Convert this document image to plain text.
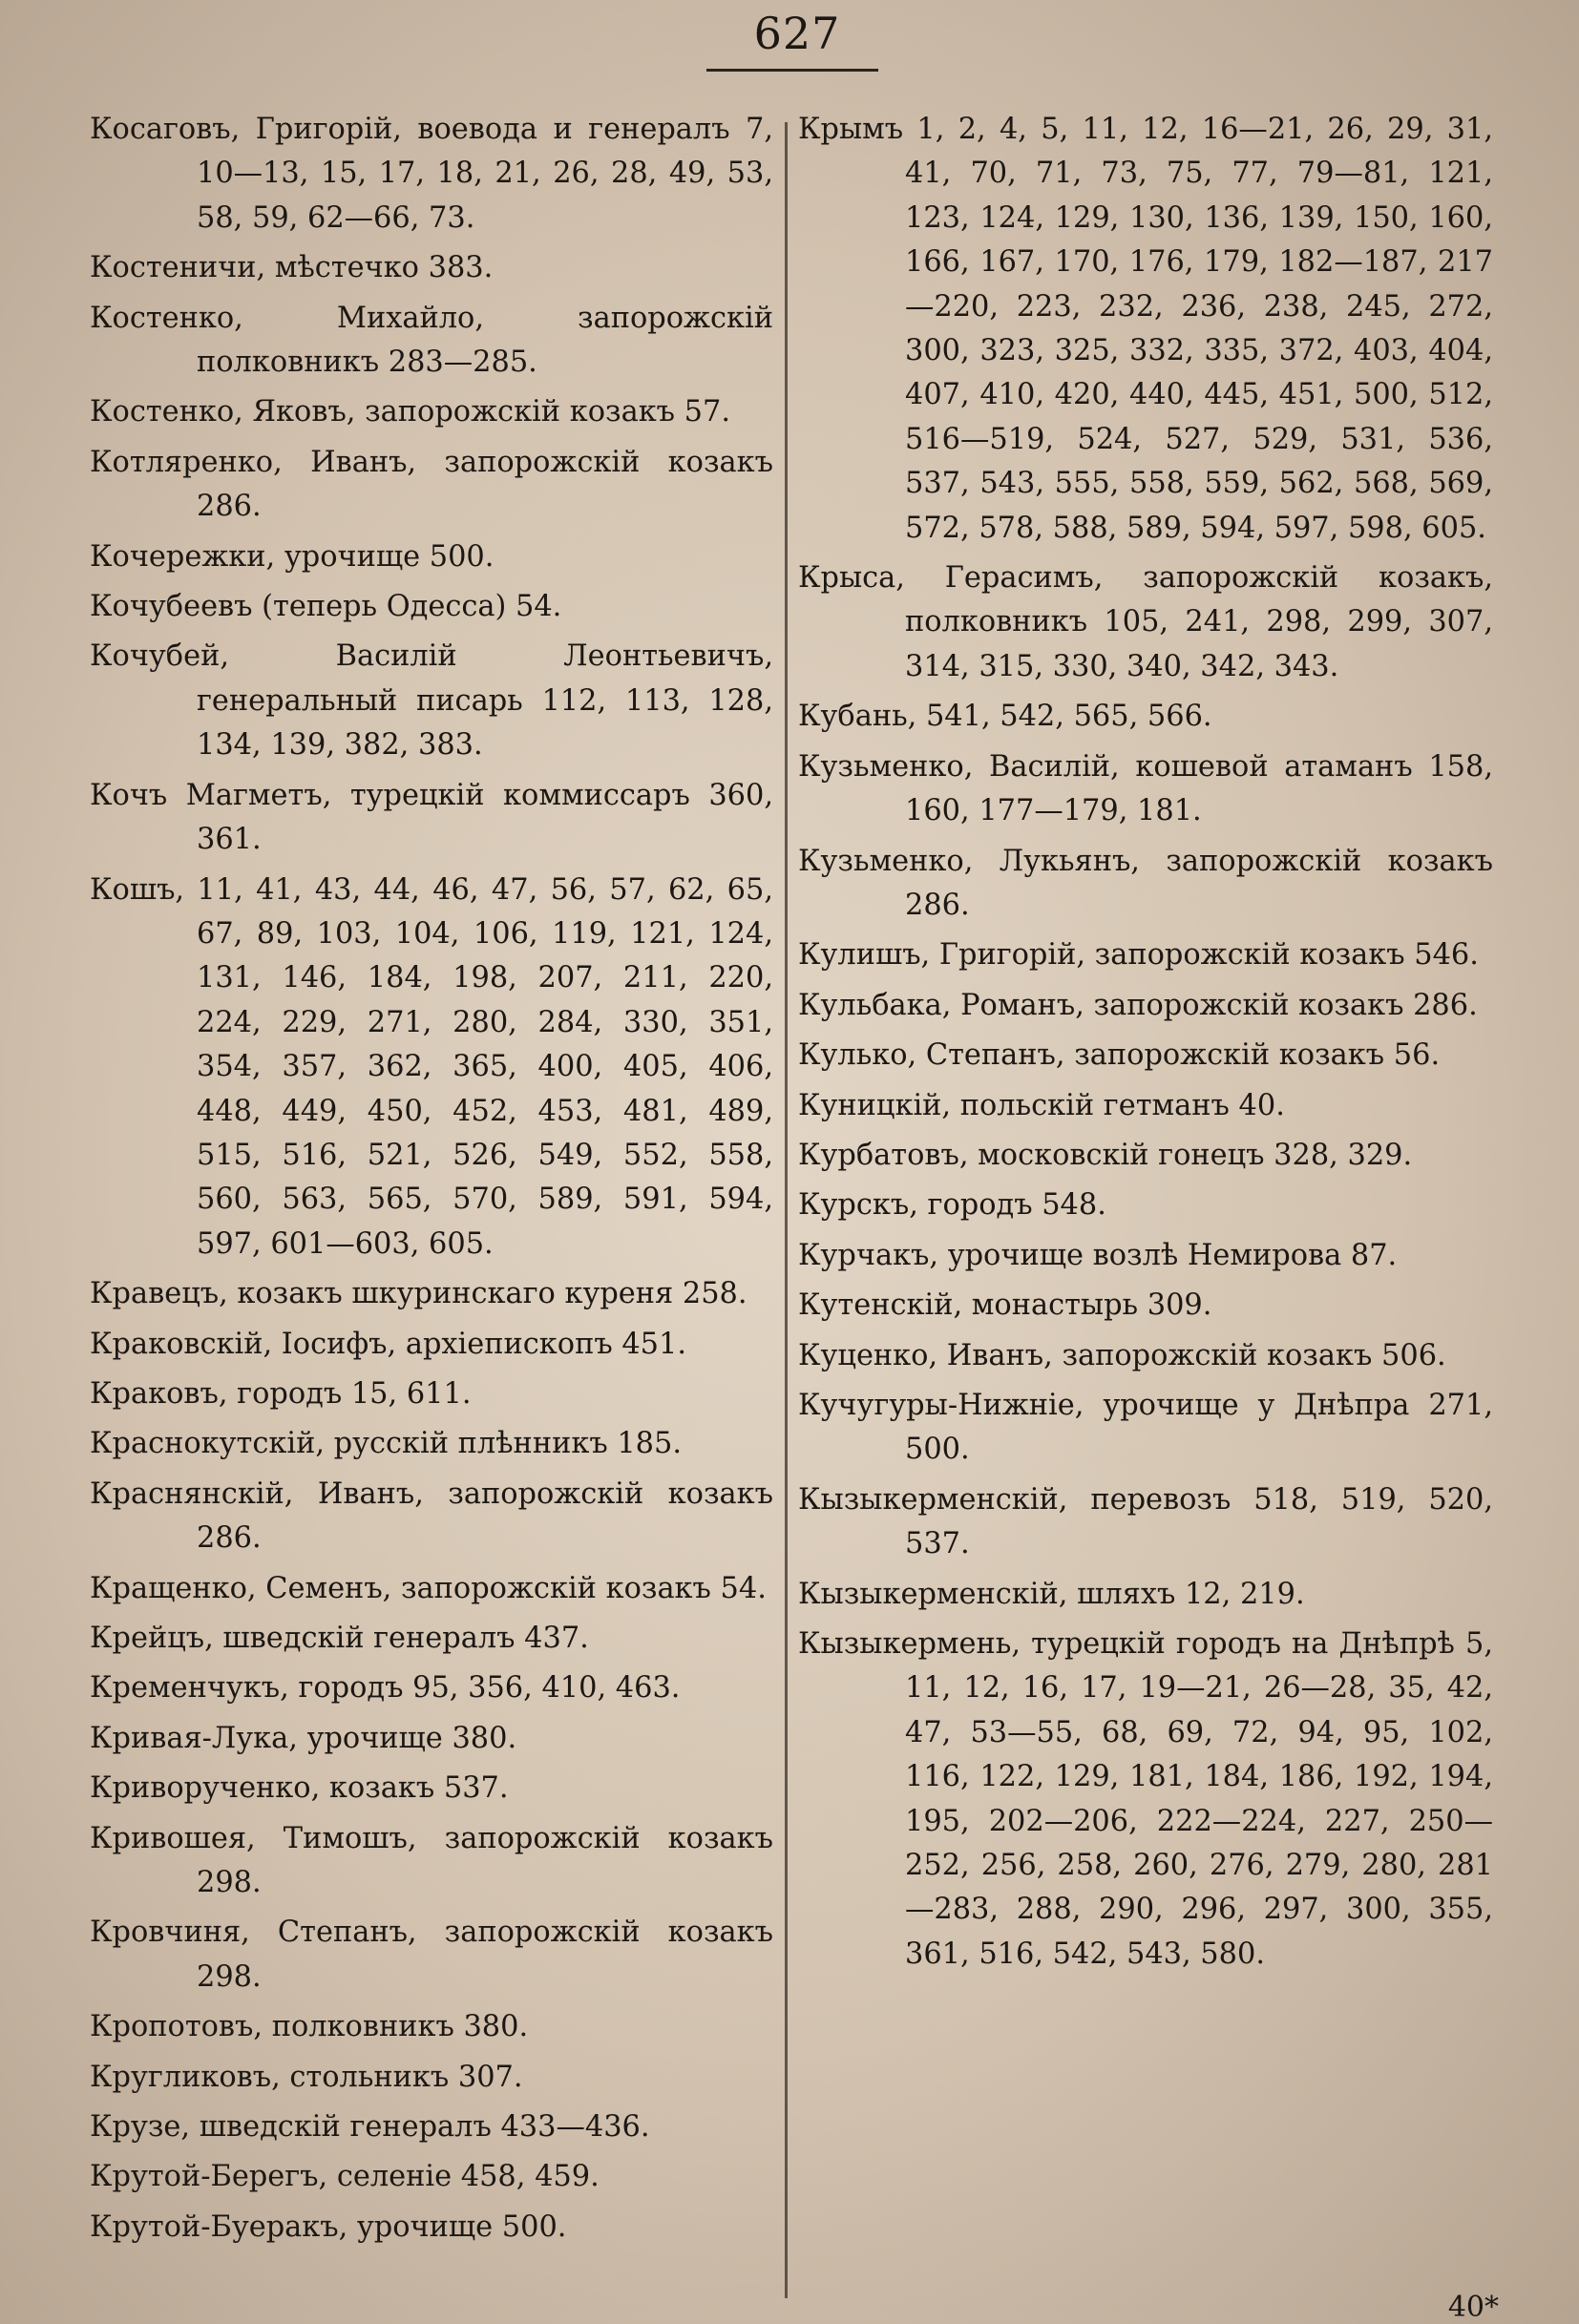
627

Косаговъ, Григорій, воевода и генералъ 7, 10—13, 15, 17, 18, 21, 26, 28, 49, 53, 58, 59, 62—66, 73.

Костеничи, мѣстечко 383.

Костенко, Михайло, запорожскій полковникъ 283—285.

Костенко, Яковъ, запорожскій козакъ 57.

Котляренко, Иванъ, запорожскій козакъ 286.

Кочережки, урочище 500.

Кочубеевъ (теперь Одесса) 54.

Кочубей, Василій Леонтьевичъ, генеральный писарь 112, 113, 128, 134, 139, 382, 383.

Кочъ Магметъ, турецкій коммиссаръ 360, 361.

Кошъ, 11, 41, 43, 44, 46, 47, 56, 57, 62, 65, 67, 89, 103, 104, 106, 119, 121, 124, 131, 146, 184, 198, 207, 211, 220, 224, 229, 271, 280, 284, 330, 351, 354, 357, 362, 365, 400, 405, 406, 448, 449, 450, 452, 453, 481, 489, 515, 516, 521, 526, 549, 552, 558, 560, 563, 565, 570, 589, 591, 594, 597, 601—603, 605.

Кравецъ, козакъ шкуринскаго куреня 258.

Краковскій, Іосифъ, архіепископъ 451.

Краковъ, городъ 15, 611.

Краснокутскій, русскій плѣнникъ 185.

Краснянскій, Иванъ, запорожскій козакъ 286.

Кращенко, Семенъ, запорожскій козакъ 54.

Крейцъ, шведскій генералъ 437.

Кременчукъ, городъ 95, 356, 410, 463.

Кривая-Лука, урочище 380.

Криворученко, козакъ 537.

Кривошея, Тимошъ, запорожскій козакъ 298.

Кровчиня, Степанъ, запорожскій козакъ 298.

Кропотовъ, полковникъ 380.

Кругликовъ, стольникъ 307.

Крузе, шведскій генералъ 433—436.

Крутой-Берегъ, селеніе 458, 459.

Крутой-Буеракъ, урочище 500.

Крымъ 1, 2, 4, 5, 11, 12, 16—21, 26, 29, 31, 41, 70, 71, 73, 75, 77, 79—81, 121, 123, 124, 129, 130, 136, 139, 150, 160, 166, 167, 170, 176, 179, 182—187, 217—220, 223, 232, 236, 238, 245, 272, 300, 323, 325, 332, 335, 372, 403, 404, 407, 410, 420, 440, 445, 451, 500, 512, 516—519, 524, 527, 529, 531, 536, 537, 543, 555, 558, 559, 562, 568, 569, 572, 578, 588, 589, 594, 597, 598, 605.

Крыса, Герасимъ, запорожскій козакъ, полковникъ 105, 241, 298, 299, 307, 314, 315, 330, 340, 342, 343.

Кубань, 541, 542, 565, 566.

Кузьменко, Василій, кошевой атаманъ 158, 160, 177—179, 181.

Кузьменко, Лукьянъ, запорожскій козакъ 286.

Кулишъ, Григорій, запорожскій козакъ 546.

Кульбака, Романъ, запорожскій козакъ 286.

Кулько, Степанъ, запорожскій козакъ 56.

Куницкій, польскій гетманъ 40.

Курбатовъ, московскій гонецъ 328, 329.

Курскъ, городъ 548.

Курчакъ, урочище возлѣ Немирова 87.

Кутенскій, монастырь 309.

Куценко, Иванъ, запорожскій козакъ 506.

Кучугуры-Нижніе, урочище у Днѣпра 271, 500.

Кызыкерменскій, перевозъ 518, 519, 520, 537.

Кызыкерменскій, шляхъ 12, 219.

Кызыкермень, турецкій городъ на Днѣпрѣ 5, 11, 12, 16, 17, 19—21, 26—28, 35, 42, 47, 53—55, 68, 69, 72, 94, 95, 102, 116, 122, 129, 181, 184, 186, 192, 194, 195, 202—206, 222—224, 227, 250—252, 256, 258, 260, 276, 279, 280, 281—283, 288, 290, 296, 297, 300, 355, 361, 516, 542, 543, 580.

40*
